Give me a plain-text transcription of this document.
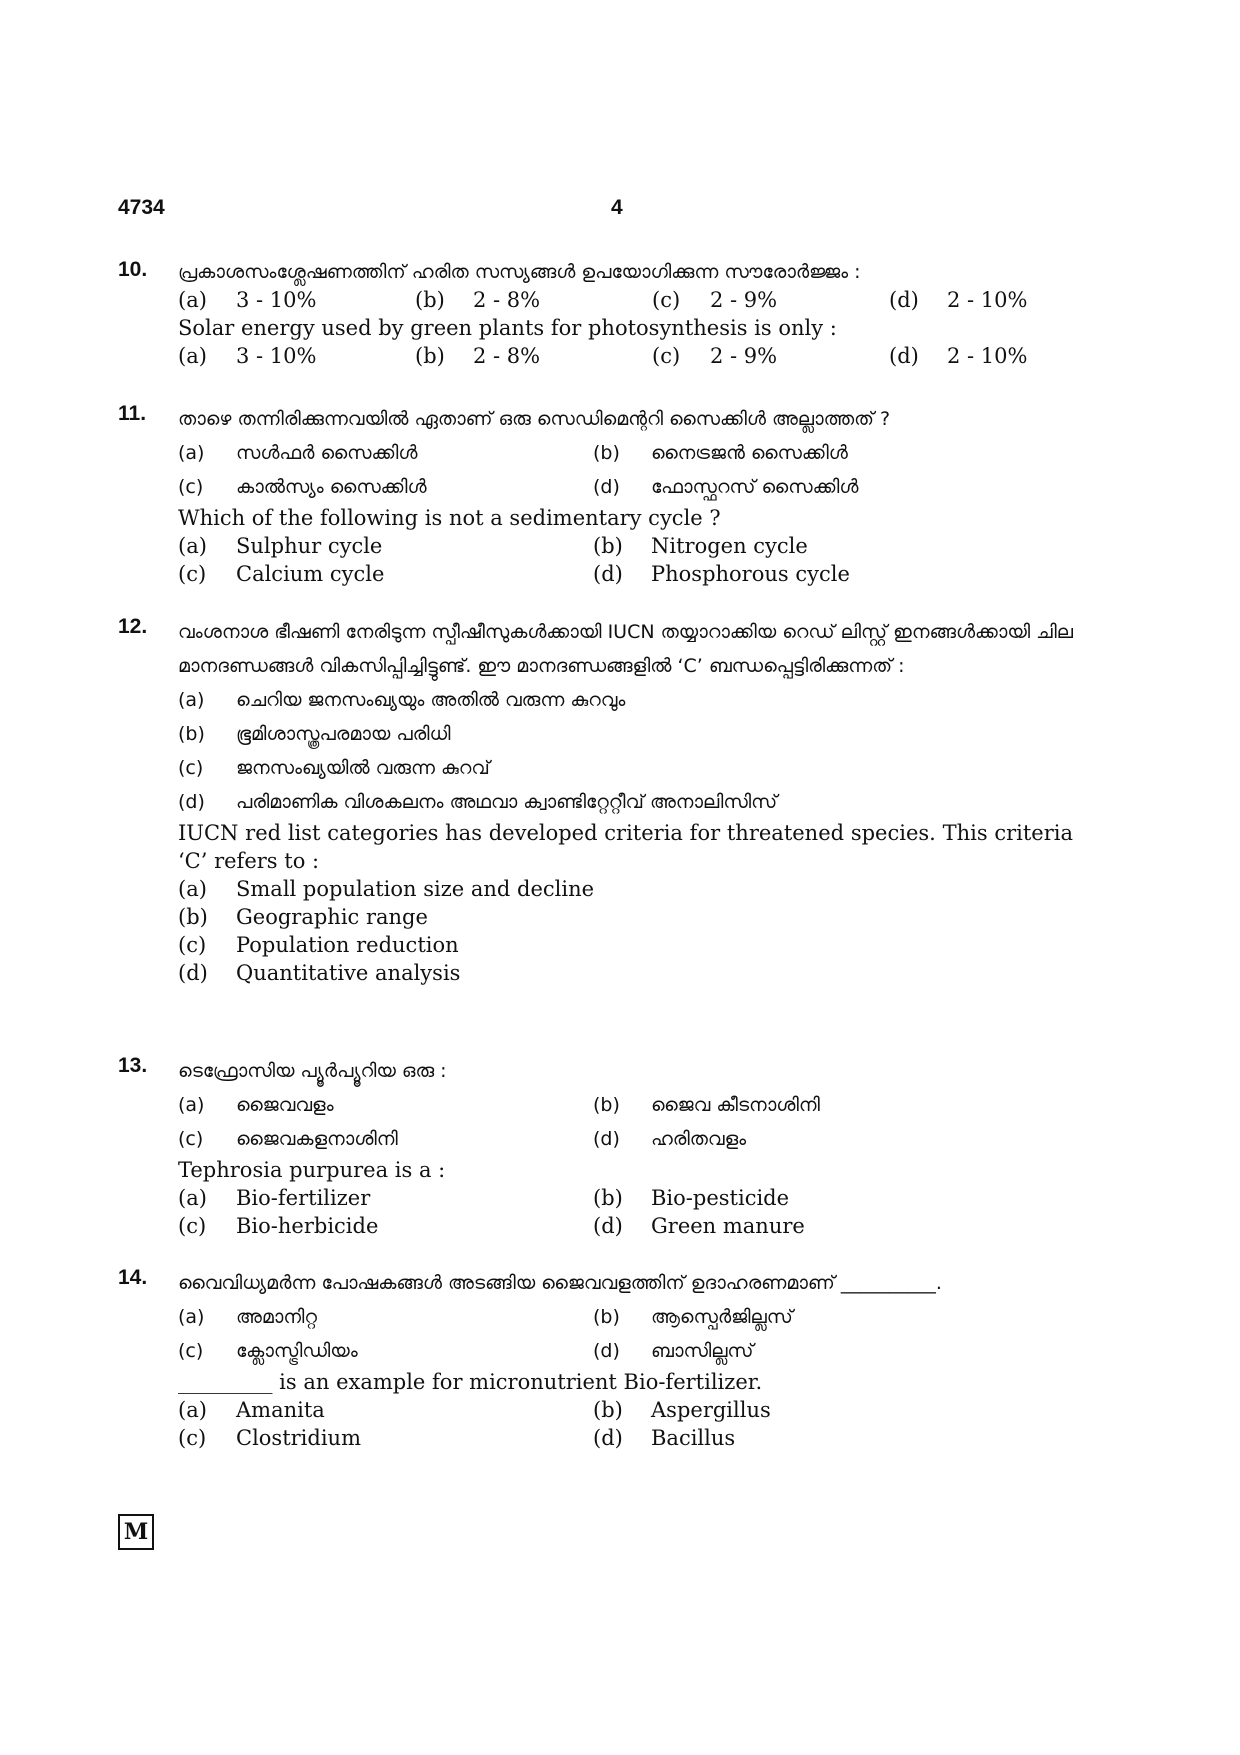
4734	4
10. പ്രകാശസംശ്ലേഷണത്തിന് ഹരിത സസ്യങ്ങൾ ഉപയോഗിക്കുന്ന സൗരോർജ്ജം :
(a)	3 - 10%	(b)	2 - 8%	(c)	2 - 9%	(d)	2 - 10%
Solar energy used by green plants for photosynthesis is only :
(a)	3 - 10%	(b)	2 - 8%	(c)	2 - 9%	(d)	2 - 10%
11. താഴെ തന്നിരിക്കുന്നവയിൽ ഏതാണ് ഒരു സെഡിമെന്ററി സൈക്കിൾ അല്ലാത്തത് ?
(a)	സൾഫർ സൈക്കിൾ	(b)	നൈട്രജൻ സൈക്കിൾ
(c)	കാൽസ്യം സൈക്കിൾ	(d)	ഫോസ്ഫറസ് സൈക്കിൾ
Which of the following is not a sedimentary cycle ?
(a)	Sulphur cycle	(b)	Nitrogen cycle
(c)	Calcium cycle	(d)	Phosphorous cycle
12. വംശനാശ ഭീഷണി നേരിടുന്ന സ്പീഷീസുകൾക്കായി IUCN തയ്യാറാക്കിയ റെഡ് ലിസ്റ്റ് ഇനങ്ങൾക്കായി ചില മാനദണ്ഡങ്ങൾ വികസിപ്പിച്ചിട്ടുണ്ട്. ഈ മാനദണ്ഡങ്ങളിൽ ‘C’ ബന്ധപ്പെട്ടിരിക്കുന്നത് :
(a)	ചെറിയ ജനസംഖ്യയും അതിൽ വരുന്ന കുറവും
(b)	ഭൂമിശാസ്ത്രപരമായ പരിധി
(c)	ജനസംഖ്യയിൽ വരുന്ന കുറവ്
(d)	പരിമാണിക വിശകലനം അഥവാ ക്വാണ്ടിറ്റേറ്റീവ് അനാലിസിസ്
IUCN red list categories has developed criteria for threatened species. This criteria ‘C’ refers to :
(a)	Small population size and decline
(b)	Geographic range
(c)	Population reduction
(d)	Quantitative analysis
13. ടെഫ്രോസിയ പ്യൂർപ്യൂറിയ ഒരു :
(a)	ജൈവവളം	(b)	ജൈവ കീടനാശിനി
(c)	ജൈവകളനാശിനി	(d)	ഹരിതവളം
Tephrosia purpurea is a :
(a)	Bio-fertilizer	(b)	Bio-pesticide
(c)	Bio-herbicide	(d)	Green manure
14. വൈവിധ്യമർന്ന പോഷകങ്ങൾ അടങ്ങിയ ജൈവവളത്തിന് ഉദാഹരണമാണ് __________.
(a)	അമാനിറ്റ	(b)	ആസ്പെർജില്ലസ്
(c)	ക്ലോസ്ട്രിഡിയം	(d)	ബാസില്ലസ്
_________ is an example for micronutrient Bio-fertilizer.
(a)	Amanita	(b)	Aspergillus
(c)	Clostridium	(d)	Bacillus
M
